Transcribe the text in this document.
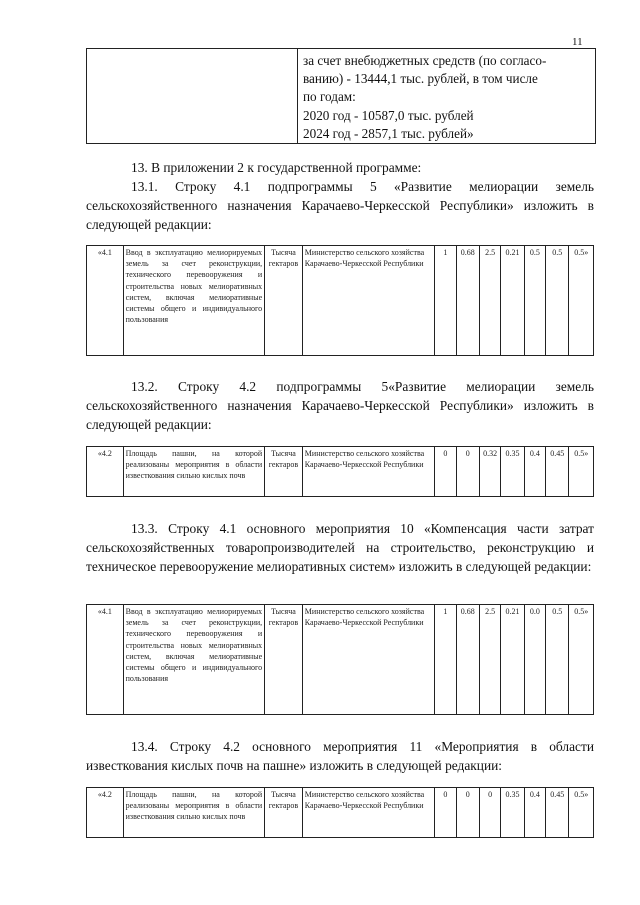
11

за счет внебюджетных средств (по согласо-
ванию) - 13444,1 тыс. рублей, в том числе
по годам:
2020 год - 10587,0 тыс. рублей
2024 год - 2857,1 тыс. рублей»

13. В приложении 2 к государственной программе:

13.1. Строку 4.1 подпрограммы 5 «Развитие мелиорации земель сельскохозяйственного назначения Карачаево-Черкесской Республики» изложить в следующей редакции:

«4.1	Ввод в эксплуатацию мелиорируемых земель за счет реконструкции, технического перевооружения и строительства новых мелиоративных систем, включая мелиоративные системы общего и индивидуального пользования	Тысяча гектаров	Министерство сельского хозяйства Карачаево-Черкесской Республики	1	0.68	2.5	0.21	0.5	0.5	0.5»

13.2. Строку 4.2 подпрограммы 5«Развитие мелиорации земель сельскохозяйственного назначения Карачаево-Черкесской Республики» изложить в следующей редакции:

«4.2	Площадь пашни, на которой реализованы мероприятия в области известкования сильно кислых почв	Тысяча гектаров	Министерство сельского хозяйства Карачаево-Черкесской Республики	0	0	0.32	0.35	0.4	0.45	0.5»

13.3. Строку 4.1 основного мероприятия 10 «Компенсация части затрат сельскохозяйственных товаропроизводителей на строительство, реконструкцию и техническое перевооружение мелиоративных систем» изложить в следующей редакции:

«4.1	Ввод в эксплуатацию мелиорируемых земель за счет реконструкции, технического перевооружения и строительства новых мелиоративных систем, включая мелиоративные системы общего и индивидуального пользования	Тысяча гектаров	Министерство сельского хозяйства Карачаево-Черкесской Республики	1	0.68	2.5	0.21	0.0	0.5	0.5»

13.4. Строку 4.2 основного мероприятия 11 «Мероприятия в области известкования кислых почв на пашне» изложить в следующей редакции:

«4.2	Площадь пашни, на которой реализованы мероприятия в области известкования сильно кислых почв	Тысяча гектаров	Министерство сельского хозяйства Карачаево-Черкесской Республики	0	0	0	0.35	0.4	0.45	0.5»
